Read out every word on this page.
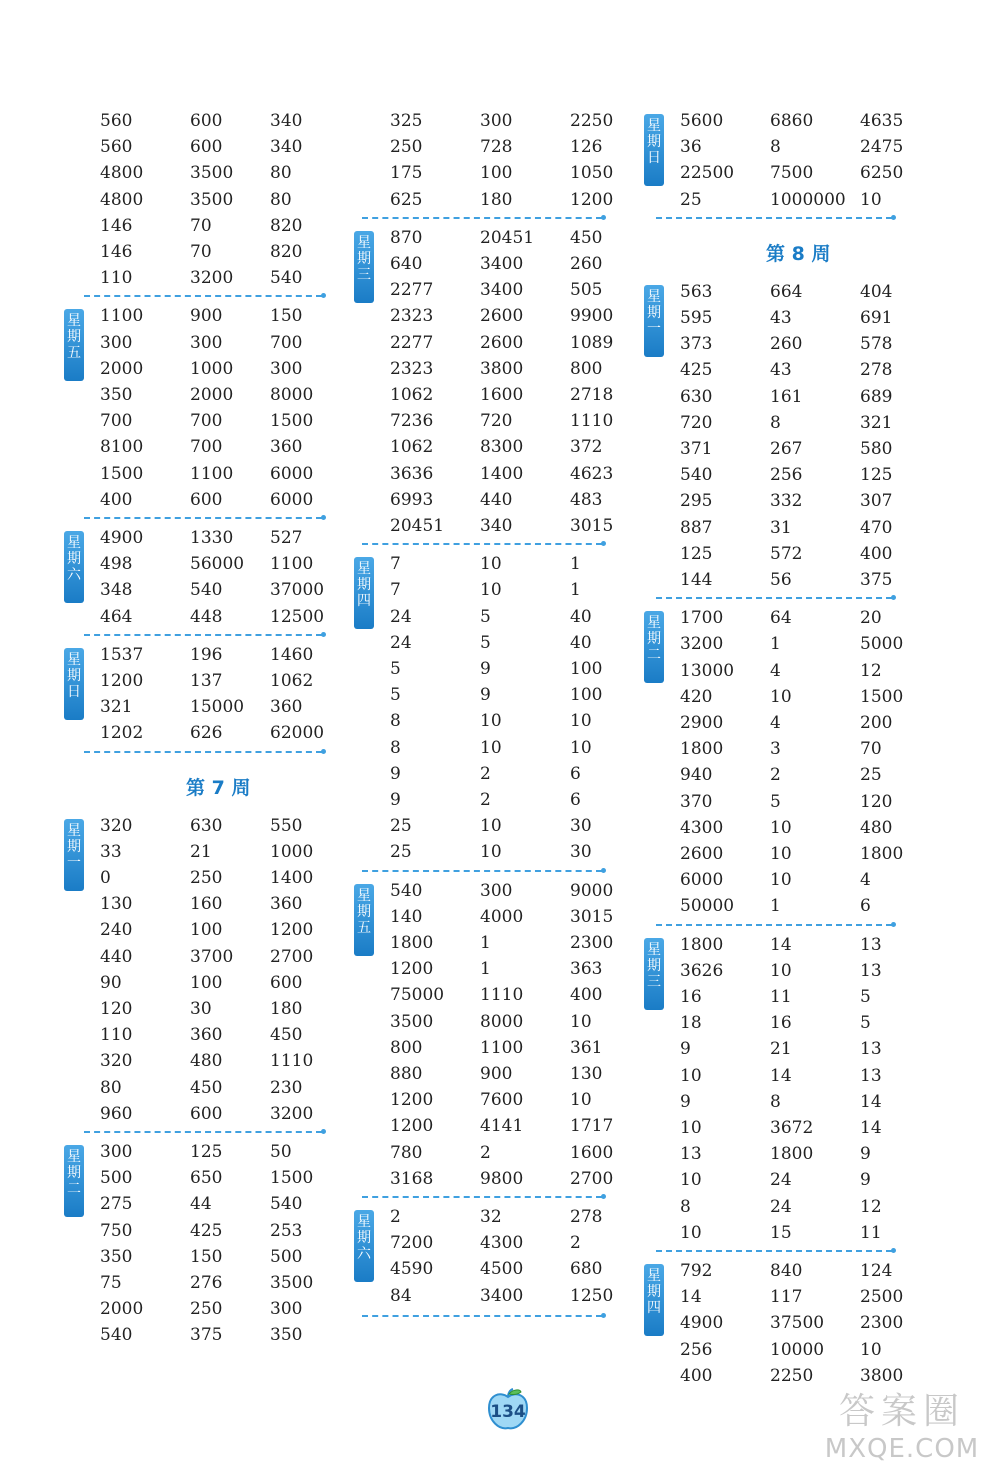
560	600	340
560	600	340
4800	3500	80
4800	3500	80
146	70	820
146	70	820
110	3200	540
1100	900	150
300	300	700
2000	1000	300
350	2000	8000
700	700	1500
8100	700	360
1500	1100	6000
400	600	6000
星
期
五
4900	1330	527
498	56000	1100
348	540	37000
464	448	12500
星
期
六
1537	196	1460
1200	137	1062
321	15000	360
1202	626	62000
星
期
日
第 7 周
320	630	550
33	21	1000
0	250	1400
130	160	360
240	100	1200
440	3700	2700
90	100	600
120	30	180
110	360	450
320	480	1110
80	450	230
960	600	3200
星
期
一
300	125	50
500	650	1500
275	44	540
750	425	253
350	150	500
75	276	3500
2000	250	300
540	375	350
星
期
二
325	300	2250
250	728	126
175	100	1050
625	180	1200
870	20451	450
640	3400	260
2277	3400	505
2323	2600	9900
2277	2600	1089
2323	3800	800
1062	1600	2718
7236	720	1110
1062	8300	372
3636	1400	4623
6993	440	483
20451	340	3015
星
期
三
7	10	1
7	10	1
24	5	40
24	5	40
5	9	100
5	9	100
8	10	10
8	10	10
9	2	6
9	2	6
25	10	30
25	10	30
星
期
四
540	300	9000
140	4000	3015
1800	1	2300
1200	1	363
75000	1110	400
3500	8000	10
800	1100	361
880	900	130
1200	7600	10
1200	4141	1717
780	2	1600
3168	9800	2700
星
期
五
2	32	278
7200	4300	2
4590	4500	680
84	3400	1250
星
期
六
5600	6860	4635
36	8	2475
22500	7500	6250
25	1000000 10
星
期
日
第 8 周
563	664	404
595	43	691
373	260	578
425	43	278
630	161	689
720	8	321
371	267	580
540	256	125
295	332	307
887	31	470
125	572	400
144	56	375
星
期
一
1700	64	20
3200	1	5000
13000	4	12
420	10	1500
2900	4	200
1800	3	70
940	2	25
370	5	120
4300	10	480
2600	10	1800
6000	10	4
50000	1	6
星
期
二
1800	14	13
3626	10	13
16	11	5
18	16	5
9	21	13
10	14	13
9	8	14
10	3672	14
13	1800	9
10	24	9
8	24	12
10	15	11
星
期
三
792	840	124
14	117	2500
4900	37500	2300
256	10000	10
400	2250	3800
星
期
四
134	答案圈
MXQE.COM
